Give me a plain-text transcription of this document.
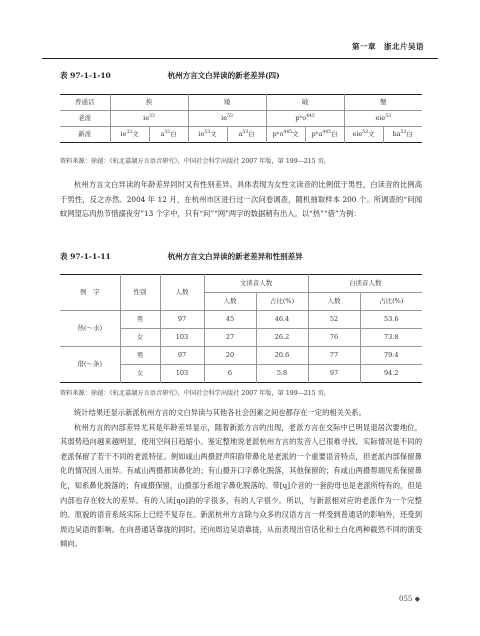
第一章　浙北片吴语
表 97-1-1-10	杭州方言文白异读的新老差异(四)
普通话	挨		矮		破		蟹	
老派	$ie^{33}$		$ie^{53}$		pʰo$^{445}$		eie$^{53}$
新派	$ie^{33}$文	$a^{33}$白	$ie^{53}$文	$a^{53}$白	pʰo$^{445}$文	pʰa$^{445}$白	eie$^{53}$文	$ha^{53}$白
资料来源：徐越：《杭北嘉湖方言语音研究》，中国社会科学出版社 2007 年版，第 199—215 页。

杭州方言文白异读的年龄差异同时又有性别差异。具体表现为女性文读音的比例低于男性，白读音的比例高于男性，反之亦然。2004 年 12 月，在杭州市区进行过一次问卷调查，随机抽取样本 200 个。所调查的“问闻蚊网望忘肉热节惜溺夜穷”13 个字中，只有“问”“网”两字的数据稍有出入。以“热”“借”为例：

表 97-1-1-11	杭州方言文白异读的新老差异和性别差异
例　字	性别	人数	文读音人数		白读音人数	
			人数	占比(%)	人数	占比(%)
热(～水)	男	97	45	46.4	52	53.6
	女	103	27	26.2	76	73.8
借(～条)	男	97	20	20.6	77	79.4
	女	103	6	5.8	97	94.2
资料来源：徐越：《杭北嘉湖方言语音研究》，中国社会科学出版社 2007 年版，第 199—215 页。

统计结果还显示新派杭州方言的文白异读与其他各社会因素之间也都存在一定的相关关系。

杭州方言的内部差异尤其是年龄差异显示，随着新派方言的出现，老派方言在交际中已明显退居次要地位，其弱势趋向越来越明显，使用空间日趋缩小。鉴定整地说老派杭州方言的发音人已很难寻找，实际情况是不同的老派保留了若干不同的老派特征。例如咸山两摄舒声阳韵带鼻化是老派的一个重要语音特点，但老派内部保留鼻化的情况因人而异。有咸山两摄都读鼻化的；有山摄开口字鼻化脱落，其他保留的；有咸山两摄帮端见系保留鼻化，知系鼻化脱落的；有咸摄保留，山摄部分系组字鼻化脱落的。带[ɥ]介音的一套韵母也是老派所特有的，但是内部也存在较大的差异。有的人读[ɥo]韵的字很多，有的人字很少。所以，与新派相对应的老派作为一个完整的、原貌的语音系统实际上已经不复存在。新派杭州方言除与众多的汉语方言一样受到普通话的影响外，还受到周边吴语的影响。在向普通话靠拢的同时，还向周边吴语靠拢，从而表现出官话化和土白化两种截然不同的演变倾向。

055 ◆
